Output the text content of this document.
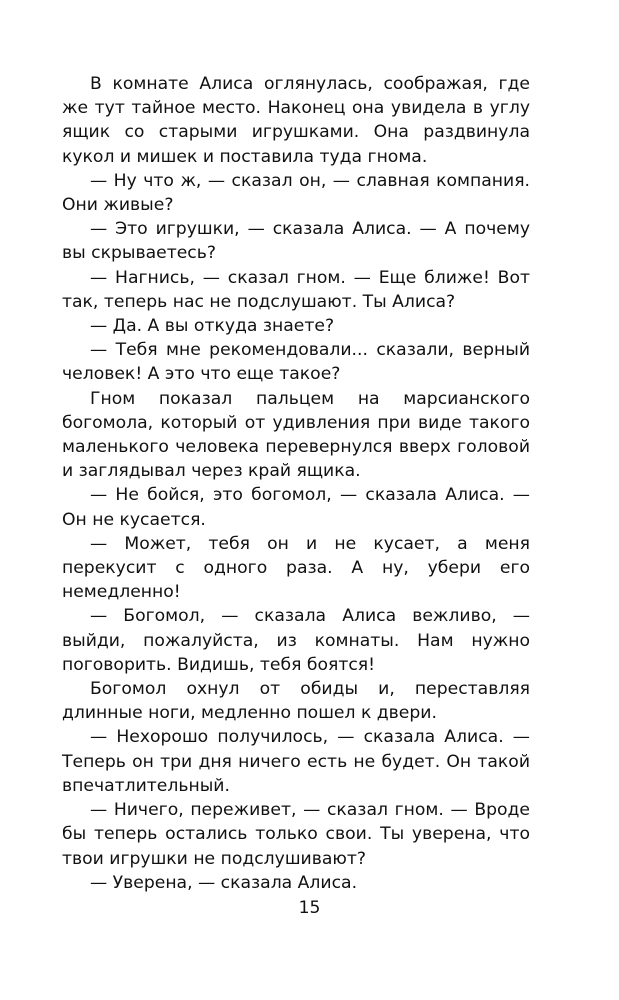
В комнате Алиса оглянулась, соображая, где же тут тайное место. Наконец она увидела в углу ящик со старыми игрушками. Она раздвинула кукол и мишек и поставила туда гнома.

— Ну что ж, — сказал он, — славная компания. Они живые?

— Это игрушки, — сказала Алиса. — А почему вы скрываетесь?

— Нагнись, — сказал гном. — Еще ближе! Вот так, теперь нас не подслушают. Ты Алиса?

— Да. А вы откуда знаете?

— Тебя мне рекомендовали... сказали, верный человек! А это что еще такое?

Гном показал пальцем на марсианского богомола, который от удивления при виде такого маленького человека перевернулся вверх головой и заглядывал через край ящика.

— Не бойся, это богомол, — сказала Алиса. — Он не кусается.

— Может, тебя он и не кусает, а меня перекусит с одного раза. А ну, убери его немедленно!

— Богомол, — сказала Алиса вежливо, — выйди, пожалуйста, из комнаты. Нам нужно поговорить. Видишь, тебя боятся!

Богомол охнул от обиды и, переставляя длинные ноги, медленно пошел к двери.

— Нехорошо получилось, — сказала Алиса. — Теперь он три дня ничего есть не будет. Он такой впечатлительный.

— Ничего, переживет, — сказал гном. — Вроде бы теперь остались только свои. Ты уверена, что твои игрушки не подслушивают?

— Уверена, — сказала Алиса.

15
